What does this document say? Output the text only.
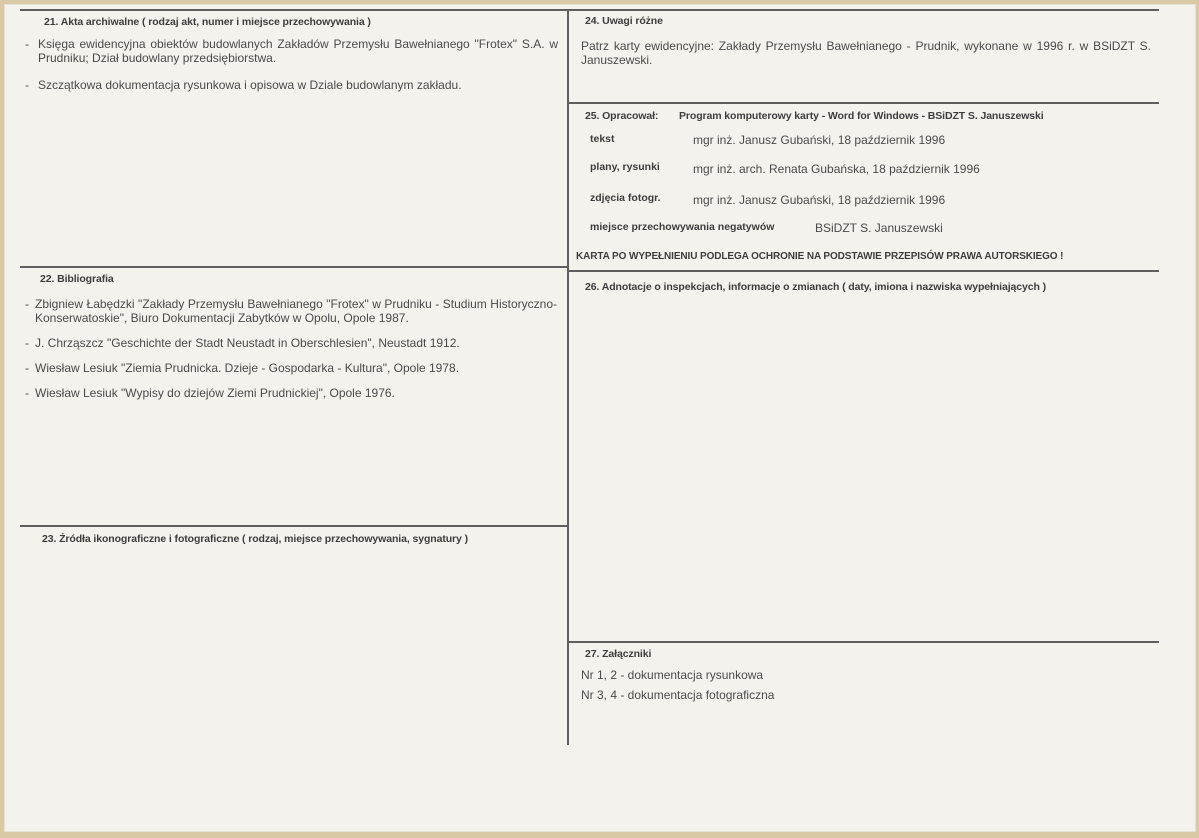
21. Akta archiwalne ( rodzaj akt, numer i miejsce przechowywania )
- Księga ewidencyjna obiektów budowlanych Zakładów Przemysłu Bawełnianego "Frotex" S.A. w Prudniku; Dział budowlany przedsiębiorstwa.
- Szczątkowa dokumentacja rysunkowa i opisowa w Dziale budowlanym zakładu.
22. Bibliografia
- Zbigniew Łabędzki "Zakłady Przemysłu Bawełnianego "Frotex" w Prudniku - Studium Historyczno-Konserwatoskie", Biuro Dokumentacji Zabytków w Opolu, Opole 1987.
- J. Chrząszcz "Geschichte der Stadt Neustadt in Oberschlesien", Neustadt 1912.
- Wiesław Lesiuk "Ziemia Prudnicka. Dzieje - Gospodarka - Kultura", Opole 1978.
- Wiesław Lesiuk "Wypisy do dziejów Ziemi Prudnickiej", Opole 1976.
23. Źródła ikonograficzne i fotograficzne ( rodzaj, miejsce przechowywania, sygnatury )
24. Uwagi różne
Patrz karty ewidencyjne: Zakłady Przemysłu Bawełnianego - Prudnik, wykonane w 1996 r. w BSiDZT S. Januszewski.
25. Opracował: Program komputerowy karty - Word for Windows - BSiDZT S. Januszewski
tekst	mgr inż. Janusz Gubański, 18 październik 1996
plany, rysunki	mgr inż. arch. Renata Gubańska, 18 październik 1996
zdjęcia fotogr.	mgr inż. Janusz Gubański, 18 październik 1996
miejsce przechowywania negatywów	BSiDZT S. Januszewski
KARTA PO WYPEŁNIENIU PODLEGA OCHRONIE NA PODSTAWIE PRZEPISÓW PRAWA AUTORSKIEGO !
26. Adnotacje o inspekcjach, informacje o zmianach ( daty, imiona i nazwiska wypełniających )
27. Załączniki
Nr 1, 2 - dokumentacja rysunkowa
Nr 3, 4 - dokumentacja fotograficzna
